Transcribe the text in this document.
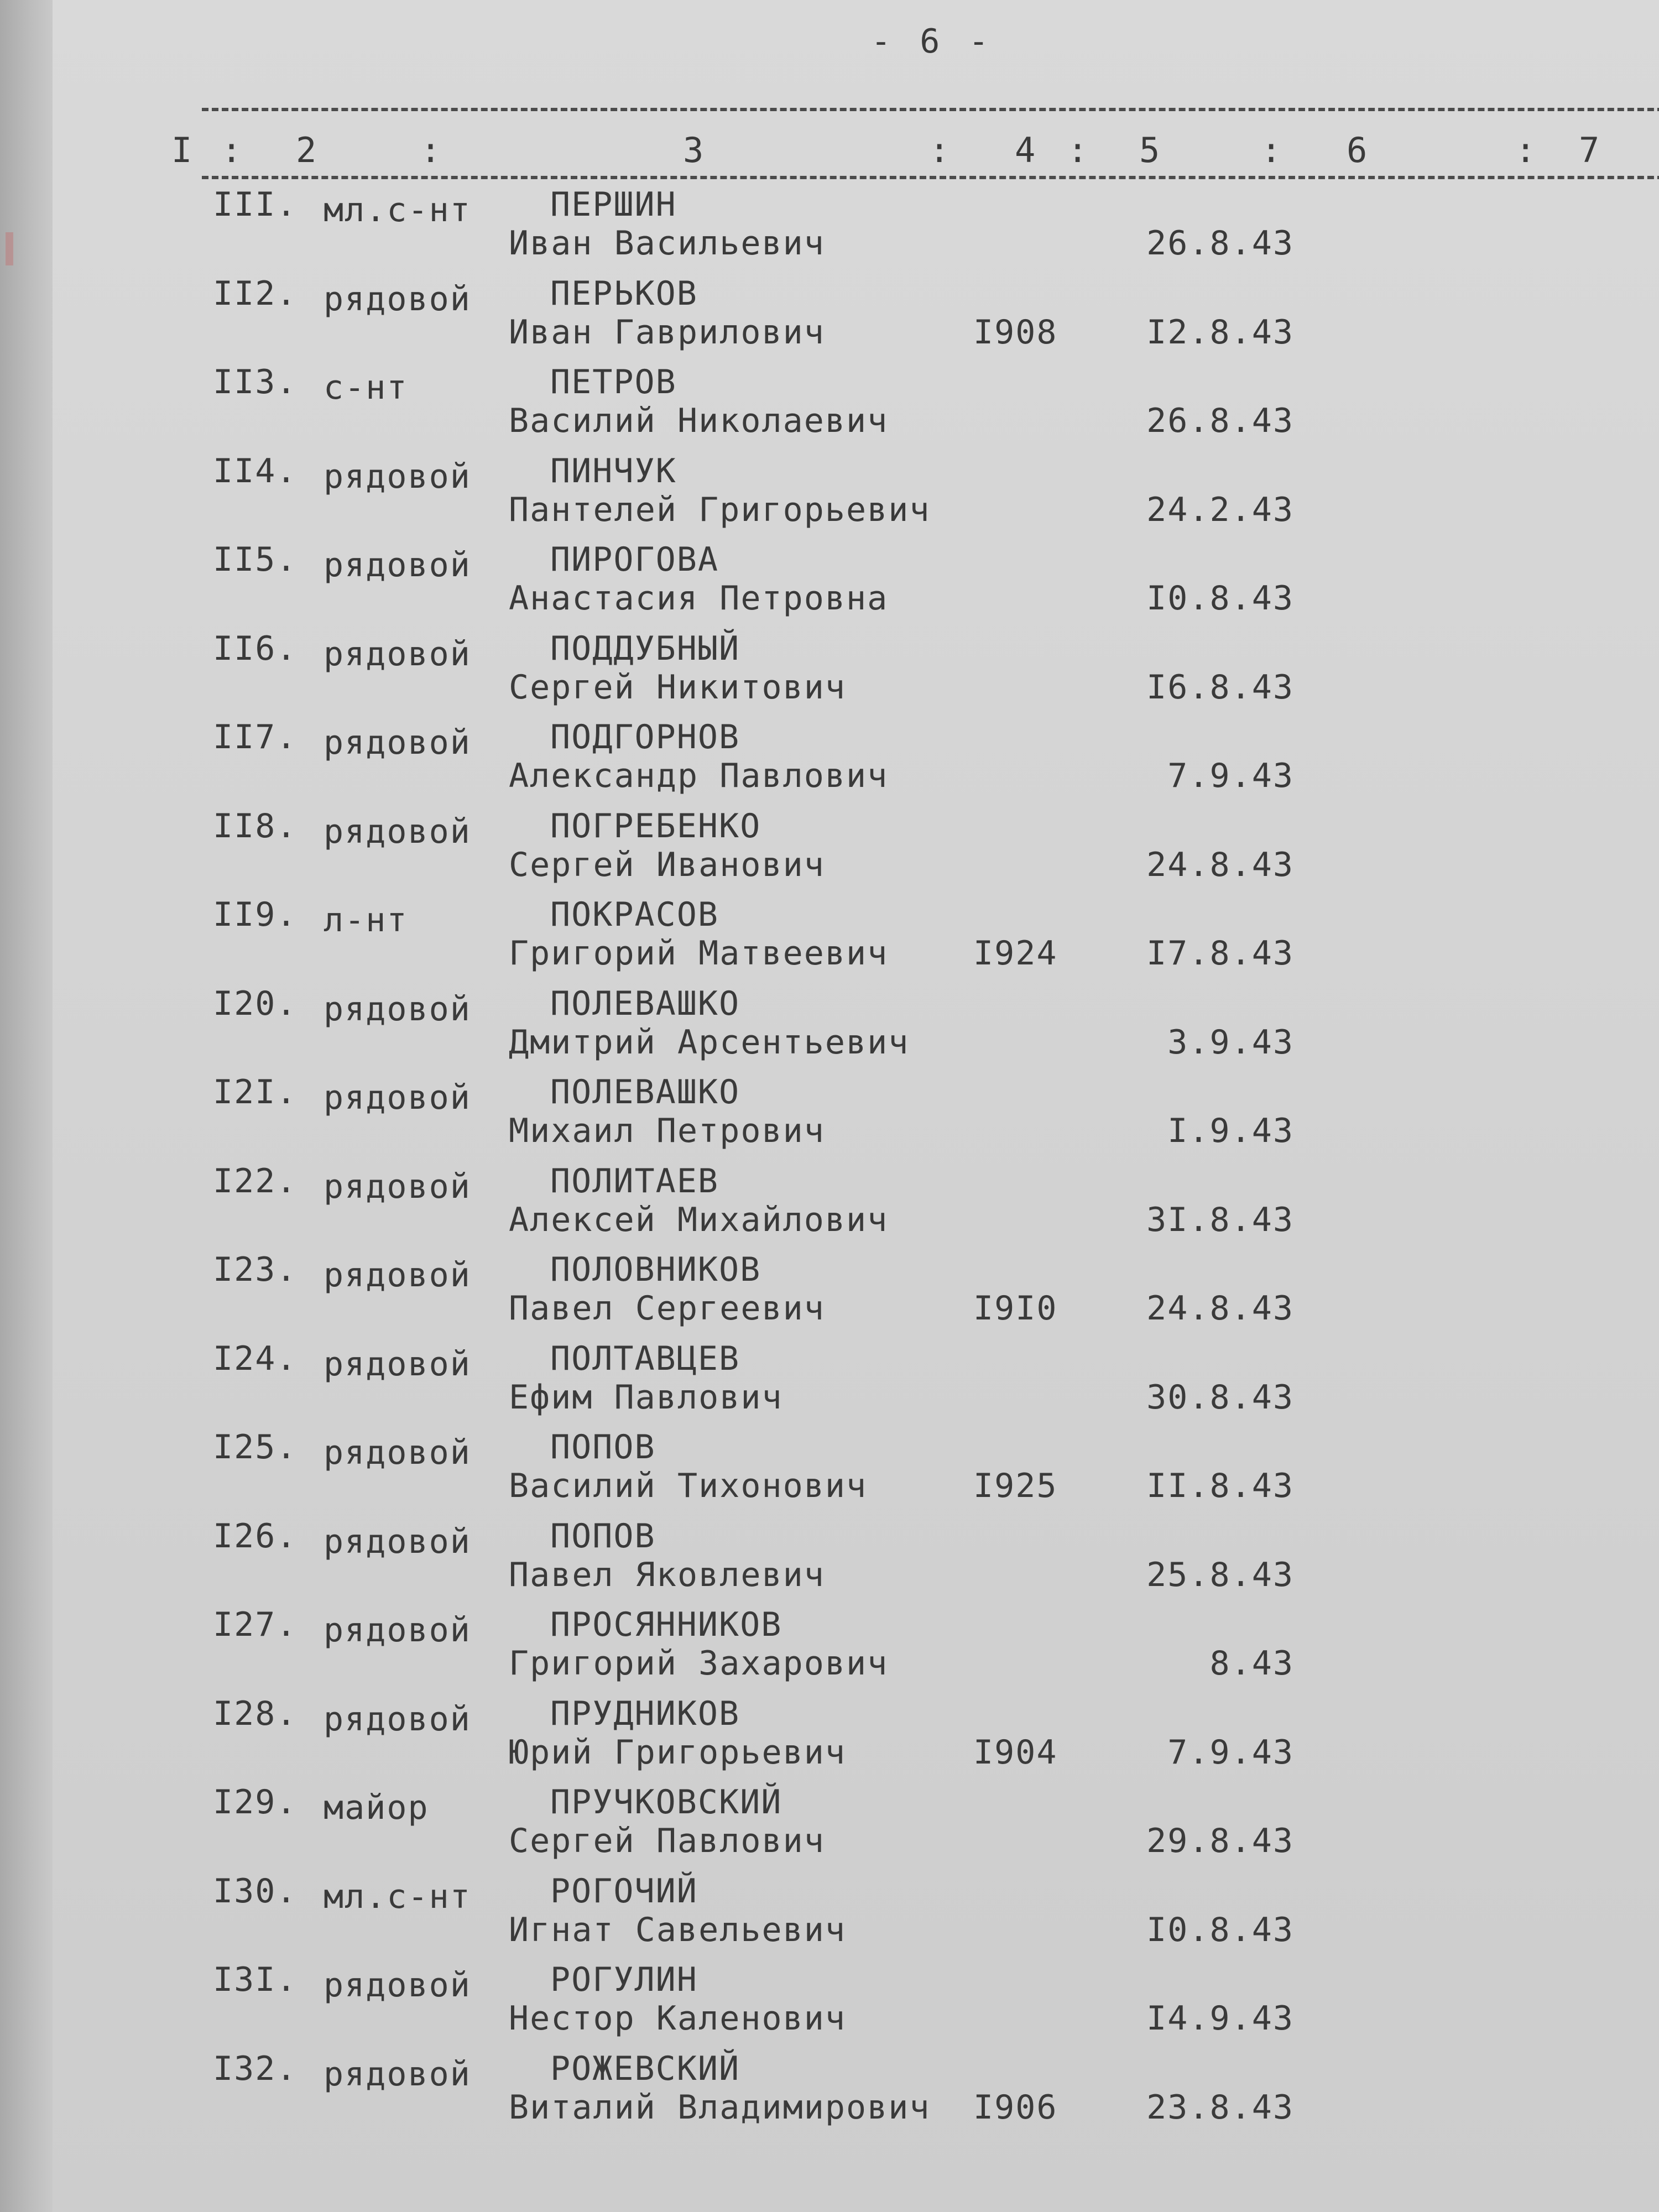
- 6 -
I	2	3	4	5	6	7
:	:	:	:	:	:
III. мл.с-нт ПЕРШИН
Иван Васильевич	26.8.43
II2. рядовой ПЕРЬКОВ
Иван Гаврилович	I908	I2.8.43
II3. с-нт	ПЕТРОВ
Василий Николаевич	26.8.43
II4. рядовой ПИНЧУК
Пантелей Григорьевич	24.2.43
II5. рядовой ПИРОГОВА
Анастасия Петровна	I0.8.43
II6. рядовой ПОДДУБНЫЙ
Сергей Никитович	I6.8.43
II7. рядовой ПОДГОРНОВ
Александр Павлович	7.9.43
II8. рядовой ПОГРЕБЕНКО
Сергей Иванович	24.8.43
II9. л-нт	ПОКРАСОВ
Григорий Матвеевич	I924	I7.8.43
I20. рядовой ПОЛЕВАШКО
Дмитрий Арсентьевич	3.9.43
I2I. рядовой ПОЛЕВАШКО
Михаил Петрович	I.9.43
I22. рядовой ПОЛИТАЕВ
Алексей Михайлович	3I.8.43
I23. рядовой ПОЛОВНИКОВ
Павел Сергеевич	I9I0	24.8.43
I24. рядовой ПОЛТАВЦЕВ
Ефим Павлович	30.8.43
I25. рядовой ПОПОВ
Василий Тихонович	I925	II.8.43
I26. рядовой ПОПОВ
Павел Яковлевич	25.8.43
I27. рядовой ПРОСЯННИКОВ
Григорий Захарович	8.43
I28. рядовой ПРУДНИКОВ
Юрий Григорьевич	I904	7.9.43
I29. майор	ПРУЧКОВСКИЙ
Сергей Павлович	29.8.43
I30. мл.с-нт РОГОЧИЙ
Игнат Савельевич	I0.8.43
I3I. рядовой РОГУЛИН
Нестор Каленович	I4.9.43
I32. рядовой РОЖЕВСКИЙ
Виталий Владимирович I906	23.8.43
